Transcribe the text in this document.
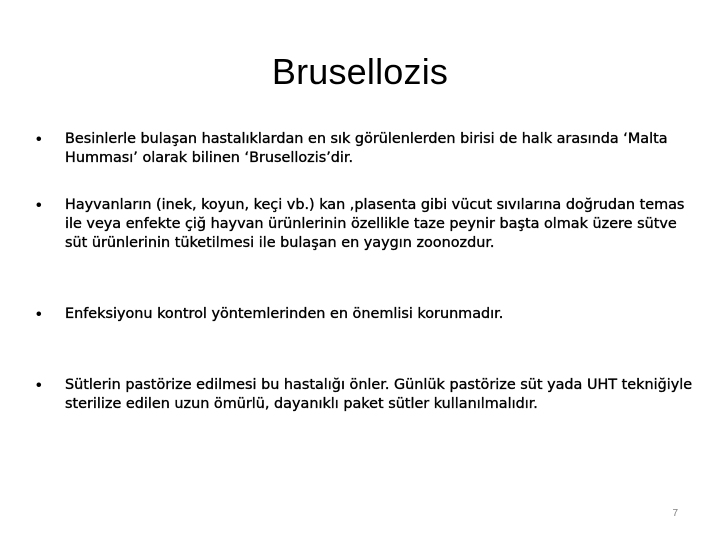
Brusellozis
•	Besinlerle bulaşan hastalıklardan en sık görülenlerden birisi de halk arasında ‘Malta Humması’ olarak bilinen ‘Brusellozis’dir.
•	Hayvanların (inek, koyun, keçi vb.) kan ,plasenta gibi vücut sıvılarına doğrudan temas ile veya enfekte çiğ hayvan ürünlerinin özellikle taze peynir başta olmak üzere sütve süt ürünlerinin tüketilmesi ile bulaşan en yaygın zoonozdur.
•	Enfeksiyonu kontrol yöntemlerinden en önemlisi korunmadır.
•	Sütlerin pastörize edilmesi bu hastalığı önler. Günlük pastörize süt yada UHT tekniğiyle sterilize edilen uzun ömürlü, dayanıklı paket sütler kullanılmalıdır.
7
